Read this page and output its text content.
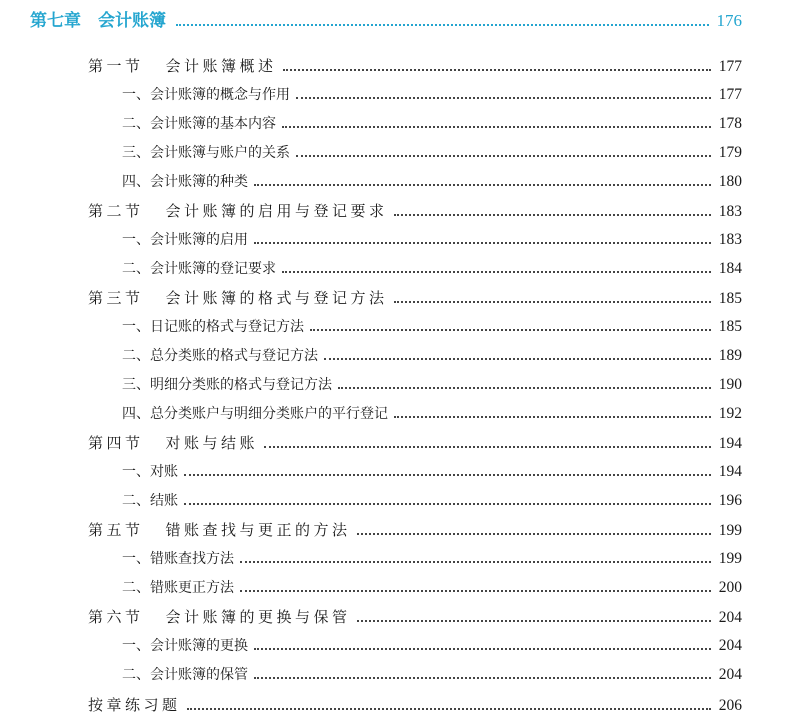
第七章　会计账簿	176
第一节 会计账簿概述	177
一、会计账簿的概念与作用	177
二、会计账簿的基本内容	178
三、会计账簿与账户的关系	179
四、会计账簿的种类	180
第二节 会计账簿的启用与登记要求	183
一、会计账簿的启用	183
二、会计账簿的登记要求	184
第三节 会计账簿的格式与登记方法	185
一、日记账的格式与登记方法	185
二、总分类账的格式与登记方法	189
三、明细分类账的格式与登记方法	190
四、总分类账户与明细分类账户的平行登记	192
第四节 对账与结账	194
一、对账	194
二、结账	196
第五节 错账查找与更正的方法	199
一、错账查找方法	199
二、错账更正方法	200
第六节 会计账簿的更换与保管	204
一、会计账簿的更换	204
二、会计账簿的保管	204
按章练习题	206
